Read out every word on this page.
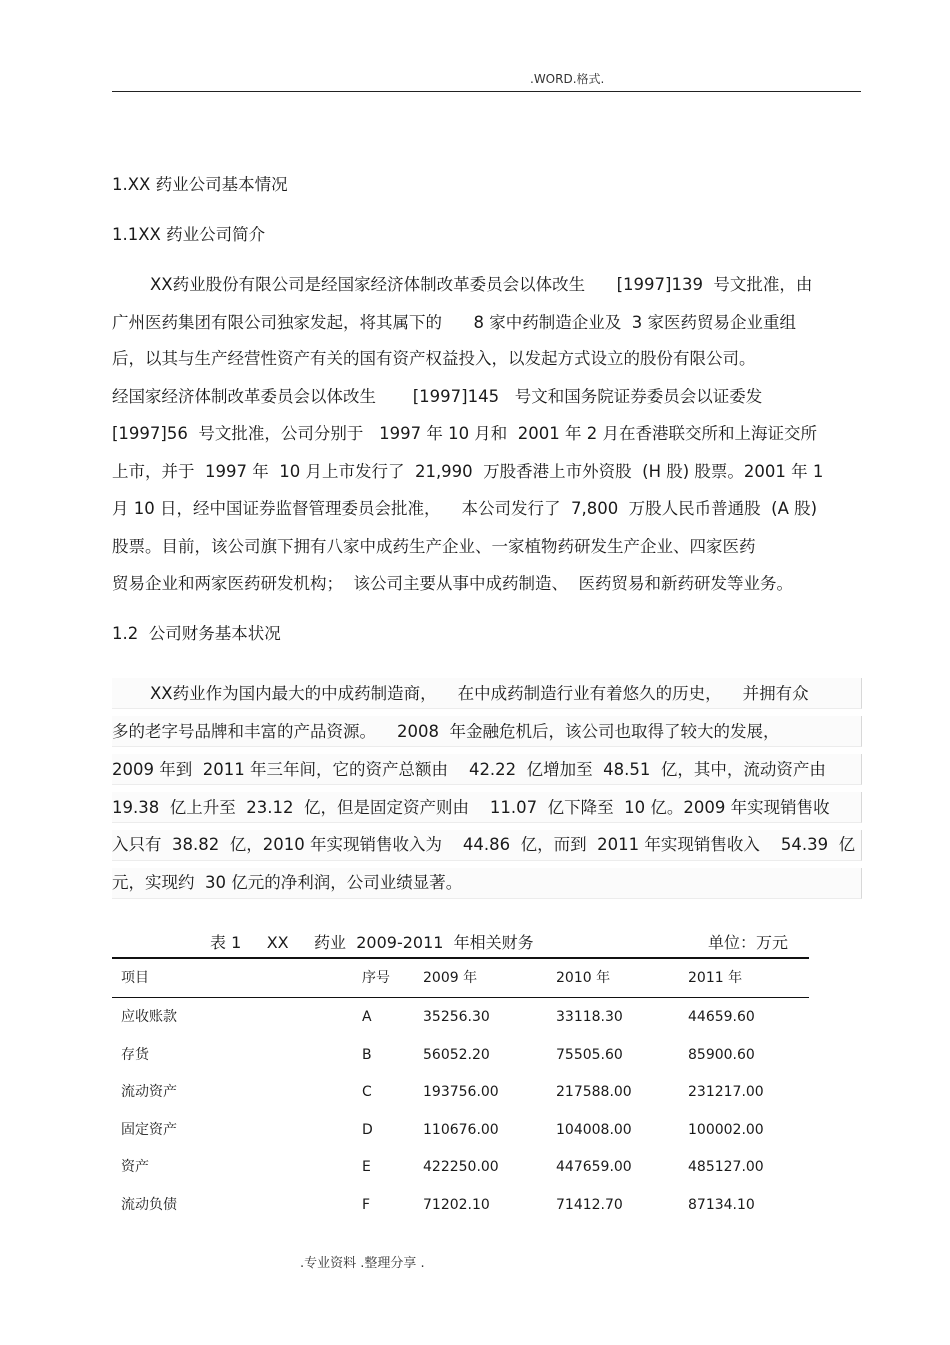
.WORD.格式.
1.XX 药业公司基本情况
1.1XX 药业公司简介
XX药业股份有限公司是经国家经济体制改革委员会以体改生      [1997]139  号文批准，由
广州医药集团有限公司独家发起，将其属下的      8 家中药制造企业及  3 家医药贸易企业重组
后，以其与生产经营性资产有关的国有资产权益投入，以发起方式设立的股份有限公司。
经国家经济体制改革委员会以体改生       [1997]145   号文和国务院证券委员会以证委发
[1997]56  号文批准，公司分别于   1997 年 10 月和  2001 年 2 月在香港联交所和上海证交所
上市，并于  1997 年  10 月上市发行了  21,990  万股香港上市外资股  (H 股) 股票。2001 年 1
月 10 日，经中国证券监督管理委员会批准，    本公司发行了  7,800  万股人民币普通股  (A 股)
股票。目前，该公司旗下拥有八家中成药生产企业、一家植物药研发生产企业、四家医药
贸易企业和两家医药研发机构；  该公司主要从事中成药制造、  医药贸易和新药研发等业务。
1.2  公司财务基本状况
XX药业作为国内最大的中成药制造商，    在中成药制造行业有着悠久的历史，    并拥有众
多的老字号品牌和丰富的产品资源。    2008  年金融危机后，该公司也取得了较大的发展，
2009 年到  2011 年三年间，它的资产总额由    42.22  亿增加至  48.51  亿，其中，流动资产由
19.38  亿上升至  23.12  亿，但是固定资产则由    11.07  亿下降至  10 亿。2009 年实现销售收
入只有  38.82  亿，2010 年实现销售收入为    44.86  亿，而到  2011 年实现销售收入    54.39  亿
元，实现约  30 亿元的净利润，公司业绩显著。
表 1     XX     药业  2009-2011  年相关财务	单位：万元
项目	序号 2009 年	2010 年	2011 年
应收账款	A	35256.30	33118.30	44659.60
存货	B	56052.20	75505.60	85900.60
流动资产	C	193756.00	217588.00	231217.00
固定资产	D	110676.00	104008.00	100002.00
资产	E	422250.00	447659.00	485127.00
流动负债	F	71202.10	71412.70	87134.10
.专业资料 .整理分享 .
